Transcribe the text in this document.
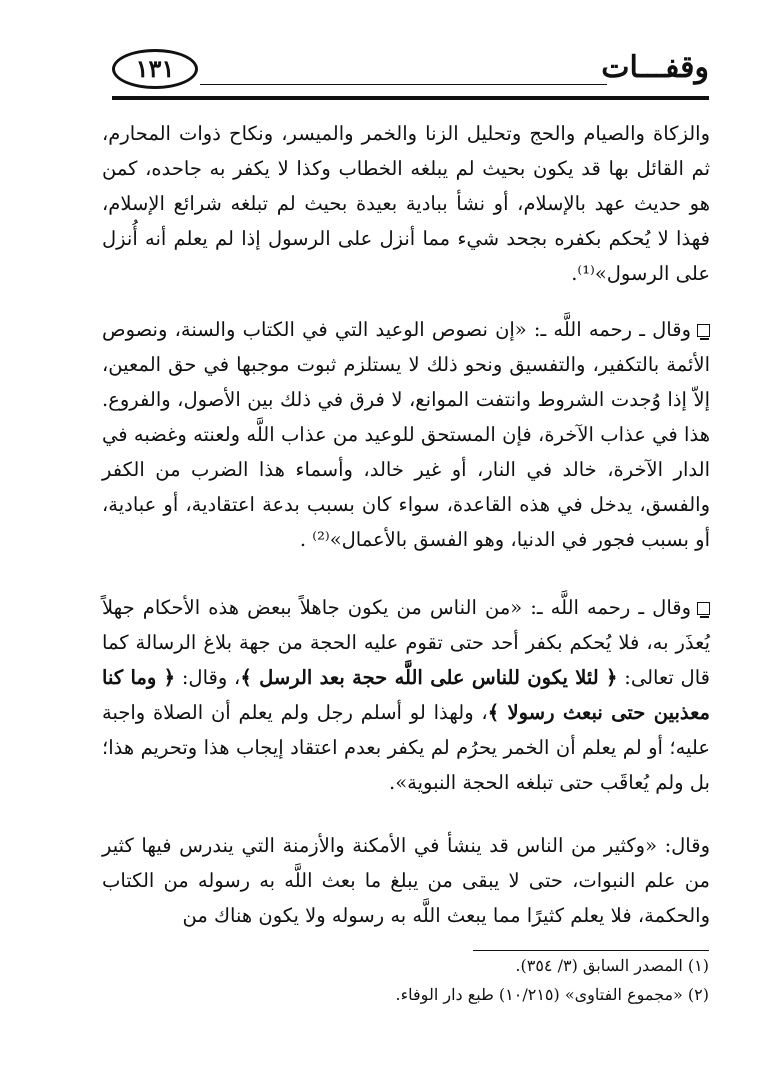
وقفـــات
١٣١

والزكاة والصيام والحج وتحليل الزنا والخمر والميسر، ونكاح ذوات المحارم، ثم القائل بها قد يكون بحيث لم يبلغه الخطاب وكذا لا يكفر به جاحده، كمن هو حديث عهد بالإسلام، أو نشأ ببادية بعيدة بحيث لم تبلغه شرائع الإسلام، فهذا لا يُحكم بكفره بجحد شيء مما أنزل على الرسول إذا لم يعلم أنه أُنزل على الرسول»⁽¹⁾.

وقال ـ رحمه اللَّه ـ: «إن نصوص الوعيد التي في الكتاب والسنة، ونصوص الأئمة بالتكفير، والتفسيق ونحو ذلك لا يستلزم ثبوت موجبها في حق المعين، إلاّ إذا وُجدت الشروط وانتفت الموانع، لا فرق في ذلك بين الأصول، والفروع. هذا في عذاب الآخرة، فإن المستحق للوعيد من عذاب اللَّه ولعنته وغضبه في الدار الآخرة، خالد في النار، أو غير خالد، وأسماء هذا الضرب من الكفر والفسق، يدخل في هذه القاعدة، سواء كان بسبب بدعة اعتقادية، أو عبادية، أو بسبب فجور في الدنيا، وهو الفسق بالأعمال»⁽²⁾ .

وقال ـ رحمه اللَّه ـ: «من الناس من يكون جاهلاً ببعض هذه الأحكام جهلاً يُعذَر به، فلا يُحكم بكفر أحد حتى تقوم عليه الحجة من جهة بلاغ الرسالة كما قال تعالى: ﴿ لئلا يكون للناس على اللَّه حجة بعد الرسل ﴾، وقال: ﴿ وما كنا معذبين حتى نبعث رسولا ﴾، ولهذا لو أسلم رجل ولم يعلم أن الصلاة واجبة عليه؛ أو لم يعلم أن الخمر يحرُم لم يكفر بعدم اعتقاد إيجاب هذا وتحريم هذا؛ بل ولم يُعاقَب حتى تبلغه الحجة النبوية».

وقال: «وكثير من الناس قد ينشأ في الأمكنة والأزمنة التي يندرس فيها كثير من علم النبوات، حتى لا يبقى من يبلغ ما بعث اللَّه به رسوله من الكتاب والحكمة، فلا يعلم كثيرًا مما يبعث اللَّه به رسوله ولا يكون هناك من

(١) المصدر السابق (٣/ ٣٥٤).
(٢) «مجموع الفتاوى» (١٠/٢١٥) طبع دار الوفاء.
